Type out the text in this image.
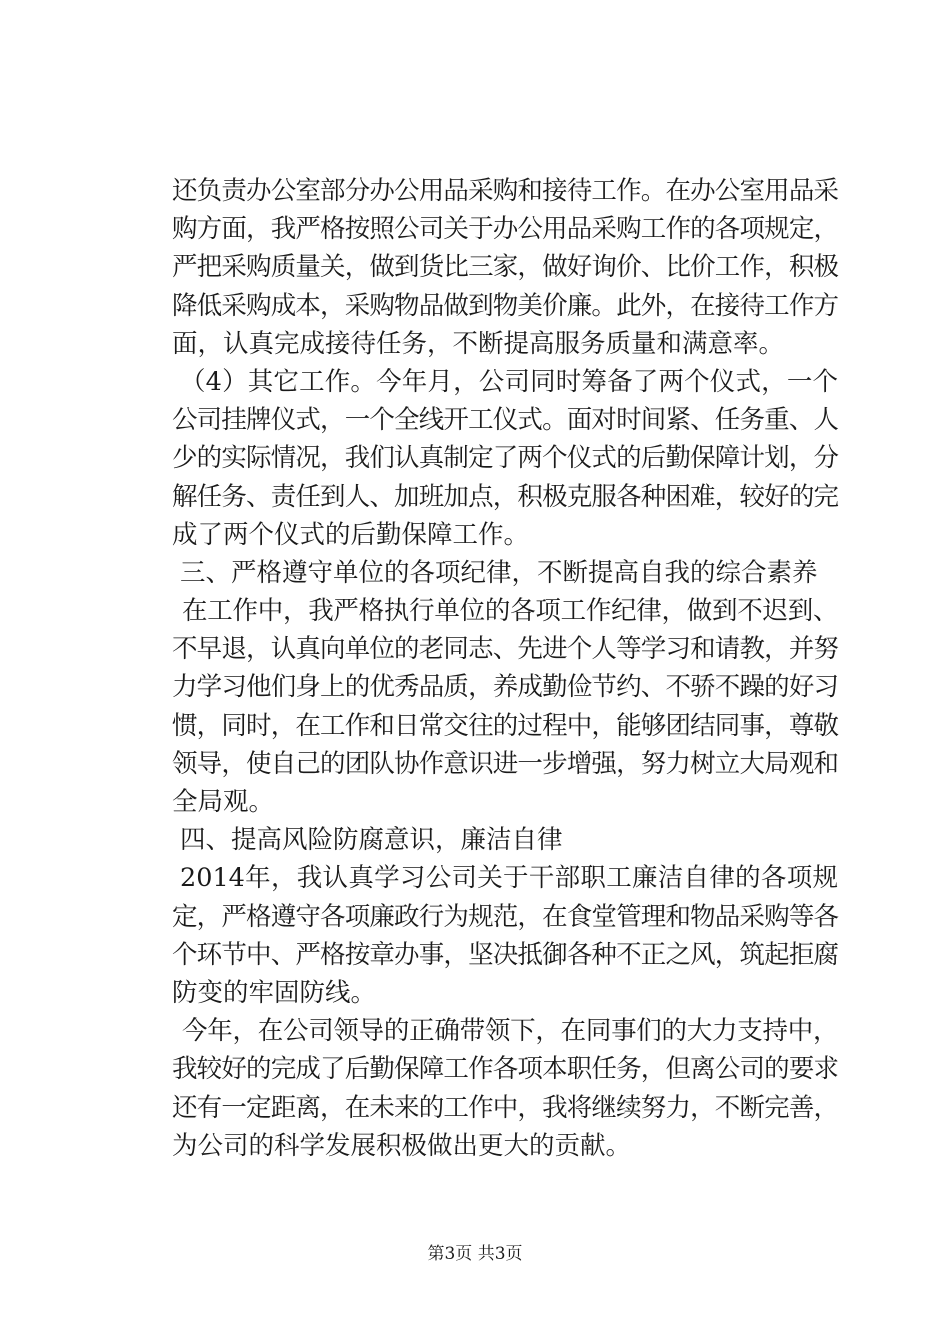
还负责办公室部分办公用品采购和接待工作。在办公室用品采
购方面，我严格按照公司关于办公用品采购工作的各项规定，
严把采购质量关，做到货比三家，做好询价、比价工作，积极
降低采购成本，采购物品做到物美价廉。此外，在接待工作方
面，认真完成接待任务，不断提高服务质量和满意率。
（4）其它工作。今年月，公司同时筹备了两个仪式，一个
公司挂牌仪式，一个全线开工仪式。面对时间紧、任务重、人
少的实际情况，我们认真制定了两个仪式的后勤保障计划，分
解任务、责任到人、加班加点，积极克服各种困难，较好的完
成了两个仪式的后勤保障工作。
三、严格遵守单位的各项纪律，不断提高自我的综合素养
在工作中，我严格执行单位的各项工作纪律，做到不迟到、
不早退，认真向单位的老同志、先进个人等学习和请教，并努
力学习他们身上的优秀品质，养成勤俭节约、不骄不躁的好习
惯，同时，在工作和日常交往的过程中，能够团结同事，尊敬
领导，使自己的团队协作意识进一步增强，努力树立大局观和
全局观。
四、提高风险防腐意识，廉洁自律
2014年，我认真学习公司关于干部职工廉洁自律的各项规
定，严格遵守各项廉政行为规范，在食堂管理和物品采购等各
个环节中、严格按章办事，坚决抵御各种不正之风，筑起拒腐
防变的牢固防线。
今年，在公司领导的正确带领下，在同事们的大力支持中，
我较好的完成了后勤保障工作各项本职任务，但离公司的要求
还有一定距离，在未来的工作中，我将继续努力，不断完善，
为公司的科学发展积极做出更大的贡献。
第3页 共3页
